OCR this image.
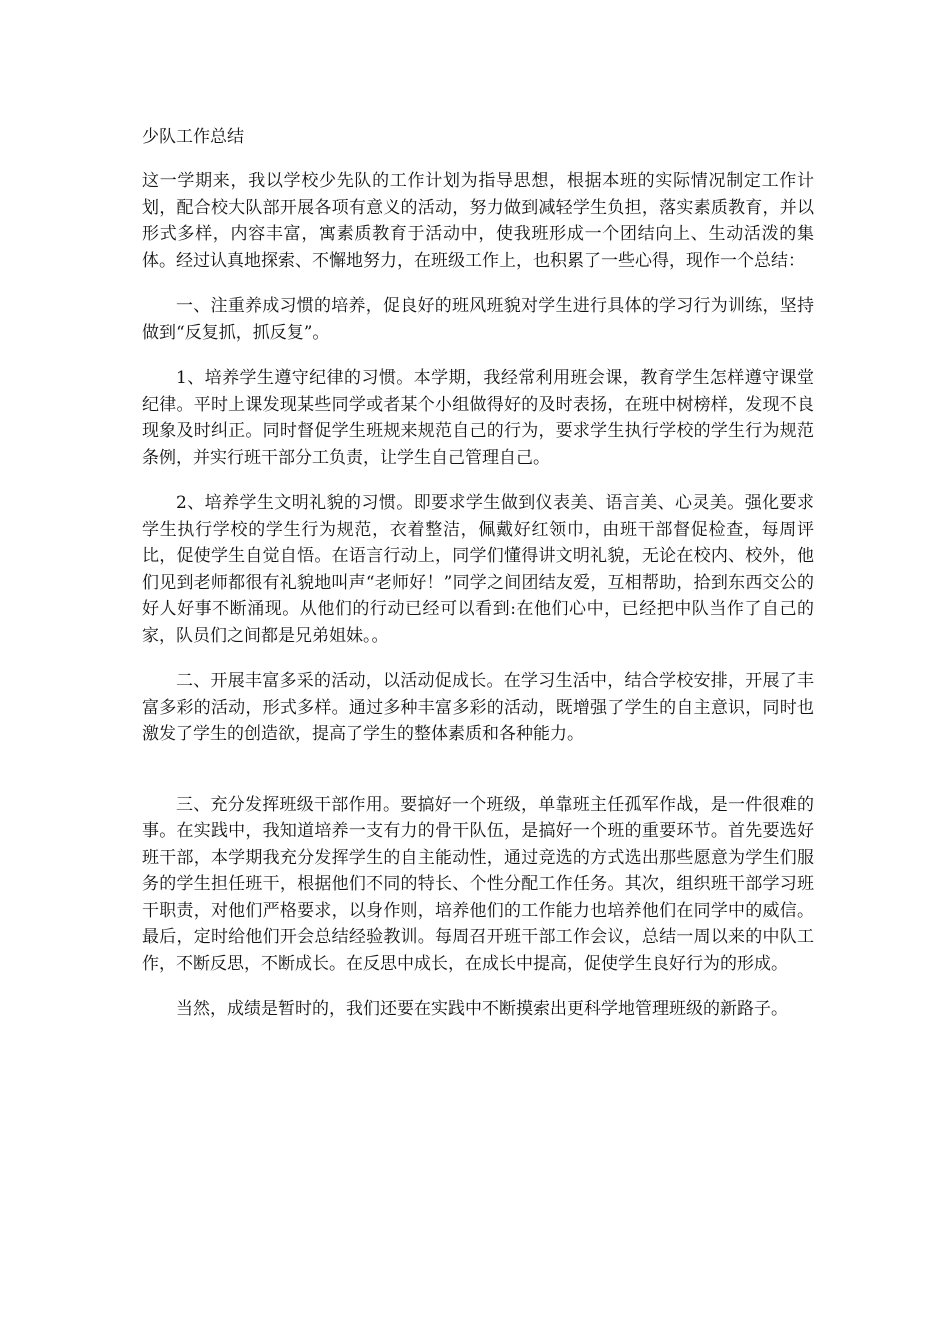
少队工作总结

这一学期来，我以学校少先队的工作计划为指导思想，根据本班的实际情况制定工作计划，配合校大队部开展各项有意义的活动，努力做到减轻学生负担，落实素质教育，并以形式多样，内容丰富，寓素质教育于活动中，使我班形成一个团结向上、生动活泼的集体。经过认真地探索、不懈地努力，在班级工作上，也积累了一些心得，现作一个总结：

一、注重养成习惯的培养，促良好的班风班貌对学生进行具体的学习行为训练，坚持做到“反复抓，抓反复”。

1、培养学生遵守纪律的习惯。本学期，我经常利用班会课，教育学生怎样遵守课堂纪律。平时上课发现某些同学或者某个小组做得好的及时表扬，在班中树榜样，发现不良现象及时纠正。同时督促学生班规来规范自己的行为，要求学生执行学校的学生行为规范条例，并实行班干部分工负责，让学生自己管理自己。

2、培养学生文明礼貌的习惯。即要求学生做到仪表美、语言美、心灵美。强化要求学生执行学校的学生行为规范，衣着整洁，佩戴好红领巾，由班干部督促检查，每周评比，促使学生自觉自悟。在语言行动上，同学们懂得讲文明礼貌，无论在校内、校外，他们见到老师都很有礼貌地叫声“老师好！”同学之间团结友爱，互相帮助，拾到东西交公的好人好事不断涌现。从他们的行动已经可以看到:在他们心中，已经把中队当作了自己的家，队员们之间都是兄弟姐妹。。

二、开展丰富多采的活动，以活动促成长。在学习生活中，结合学校安排，开展了丰富多彩的活动，形式多样。通过多种丰富多彩的活动，既增强了学生的自主意识，同时也激发了学生的创造欲，提高了学生的整体素质和各种能力。

三、充分发挥班级干部作用。要搞好一个班级，单靠班主任孤军作战，是一件很难的事。在实践中，我知道培养一支有力的骨干队伍，是搞好一个班的重要环节。首先要选好班干部，本学期我充分发挥学生的自主能动性，通过竞选的方式选出那些愿意为学生们服务的学生担任班干，根据他们不同的特长、个性分配工作任务。其次，组织班干部学习班干职责，对他们严格要求，以身作则，培养他们的工作能力也培养他们在同学中的威信。最后，定时给他们开会总结经验教训。每周召开班干部工作会议，总结一周以来的中队工作，不断反思，不断成长。在反思中成长，在成长中提高，促使学生良好行为的形成。

当然，成绩是暂时的，我们还要在实践中不断摸索出更科学地管理班级的新路子。
